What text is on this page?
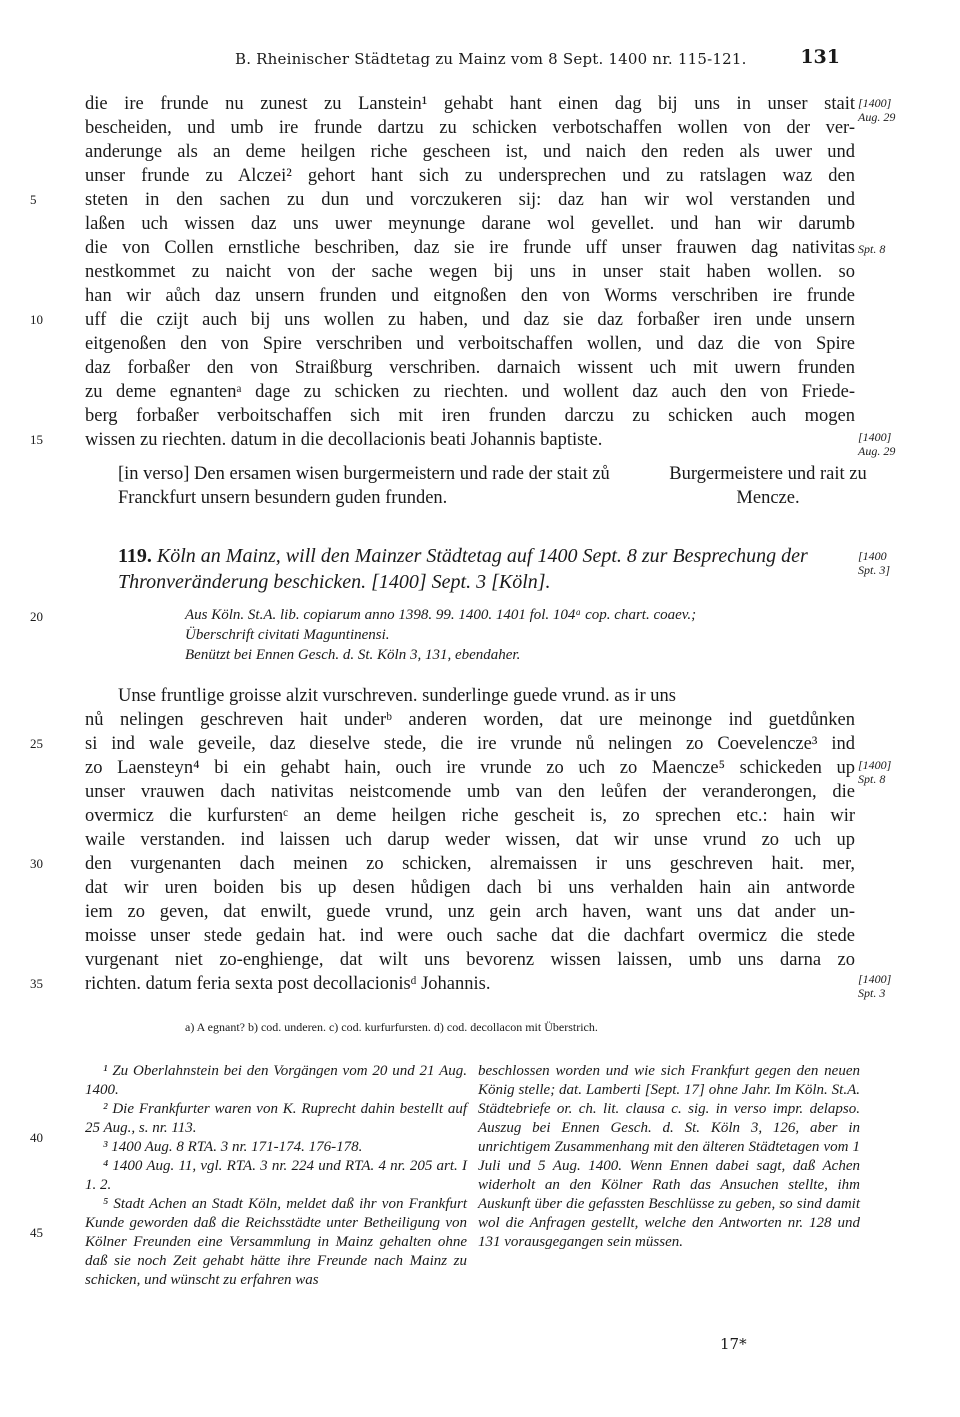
B. Rheinischer Städtetag zu Mainz vom 8 Sept. 1400 nr. 115-121.	131
die ire frunde nu zunest zu Lanstein¹ gehabt hant einen dag bij uns in unser stait
bescheiden, und umb ire frunde dartzu zu schicken verbotschaffen wollen von der ver-
anderunge als an deme heilgen riche gescheen ist, und naich den reden als uwer und
unser frunde zu Alczei² gehort hant sich zu undersprechen und zu ratslagen waz den
steten in den sachen zu dun und vorczukeren sij: daz han wir wol verstanden und
laßen uch wissen daz uns uwer meynunge darane wol gevellet. und han wir darumb
die von Collen ernstliche beschriben, daz sie ire frunde uff unser frauwen dag nativitas
nestkommet zu naicht von der sache wegen bij uns in unser stait haben wollen. so
han wir aůch daz unsern frunden und eitgnoßen den von Worms verschriben ire frunde
uff die czijt auch bij uns wollen zu haben, und daz sie daz forbaßer iren unde unsern
eitgenoßen den von Spire verschriben und verboitschaffen wollen, und daz die von Spire
daz forbaßer den von Straißburg verschriben. darnaich wissent uch mit uwern frunden
zu deme egnantenᵃ dage zu schicken zu riechten. und wollent daz auch den von Friede-
berg forbaßer verboitschaffen sich mit iren frunden darczu zu schicken auch mogen
wissen zu riechten. datum in die decollacionis beati Johannis baptiste.
[in verso] Den ersamen wisen burgermeistern und rade der stait zů Franckfurt unsern besundern guden frunden.
Burgermeistere und rait zu Mencze.
119. Köln an Mainz, will den Mainzer Städtetag auf 1400 Sept. 8 zur Besprechung der Thronveränderung beschicken. [1400] Sept. 3 [Köln].
Aus Köln. St.A. lib. copiarum anno 1398. 99. 1400. 1401 fol. 104ᵃ cop. chart. coaev.;
Überschrift civitati Maguntinensi.
Benützt bei Ennen Gesch. d. St. Köln 3, 131, ebendaher.
Unse fruntlige groisse alzit vurschreven. sunderlinge guede vrund. as ir uns
nů nelingen geschreven hait underᵇ anderen worden, dat ure meinonge ind guetdůnken
si ind wale geveile, daz dieselve stede, die ire vrunde nů nelingen zo Coevelencze³ ind
zo Laensteyn⁴ bi ein gehabt hain, ouch ire vrunde zo uch zo Maencze⁵ schickeden up
unser vrauwen dach nativitas neistcomende umb van den leůfen der veranderongen, die
overmicz die kurfurstenᶜ an deme heilgen riche gescheit is, zo sprechen etc.: hain wir
waile verstanden. ind laissen uch darup weder wissen, dat wir unse vrund zo uch up
den vurgenanten dach meinen zo schicken, alremaissen ir uns geschreven hait. mer,
dat wir uren boiden bis up desen hůdigen dach bi uns verhalden hain ain antworde
iem zo geven, dat enwilt, guede vrund, unz gein arch haven, want uns dat ander un-
moisse unser stede gedain hat. ind were ouch sache dat die dachfart overmicz die stede
vurgenant niet zo-enghienge, dat wilt uns bevorenz wissen laissen, umb uns darna zo
richten. datum feria sexta post decollacionisᵈ Johannis.
5
10
15
20
25
30
35
40
45
[1400]
Aug. 29
Spt. 8
[1400]
Aug. 29
[1400
Spt. 3]
[1400]
Spt. 8
[1400]
Spt. 3
a) A egnant? b) cod. underen. c) cod. kurfurfursten. d) cod. decollacon mit Überstrich.

¹ Zu Oberlahnstein bei den Vorgängen vom 20 und 21 Aug. 1400.

² Die Frankfurter waren von K. Ruprecht dahin bestellt auf 25 Aug., s. nr. 113.

³ 1400 Aug. 8 RTA. 3 nr. 171-174. 176-178.

⁴ 1400 Aug. 11, vgl. RTA. 3 nr. 224 und RTA. 4 nr. 205 art. I 1. 2.

⁵ Stadt Achen an Stadt Köln, meldet daß ihr von Frankfurt Kunde geworden daß die Reichsstädte unter Betheiligung von Kölner Freunden eine Versammlung in Mainz gehalten ohne daß sie noch Zeit gehabt hätte ihre Freunde nach Mainz zu schicken, und wünscht zu erfahren was

beschlossen worden und wie sich Frankfurt gegen den neuen König stelle; dat. Lamberti [Sept. 17] ohne Jahr. Im Köln. St.A. Städtebriefe or. ch. lit. clausa c. sig. in verso impr. delapso. Auszug bei Ennen Gesch. d. St. Köln 3, 126, aber in unrichtigem Zusammenhang mit den älteren Städtetagen vom 1 Juli und 5 Aug. 1400. Wenn Ennen dabei sagt, daß Achen widerholt an den Kölner Rath das Ansuchen stellte, ihm Auskunft über die gefassten Beschlüsse zu geben, so sind damit wol die Anfragen gestellt, welche den Antworten nr. 128 und 131 vorausgegangen sein müssen.

17*
